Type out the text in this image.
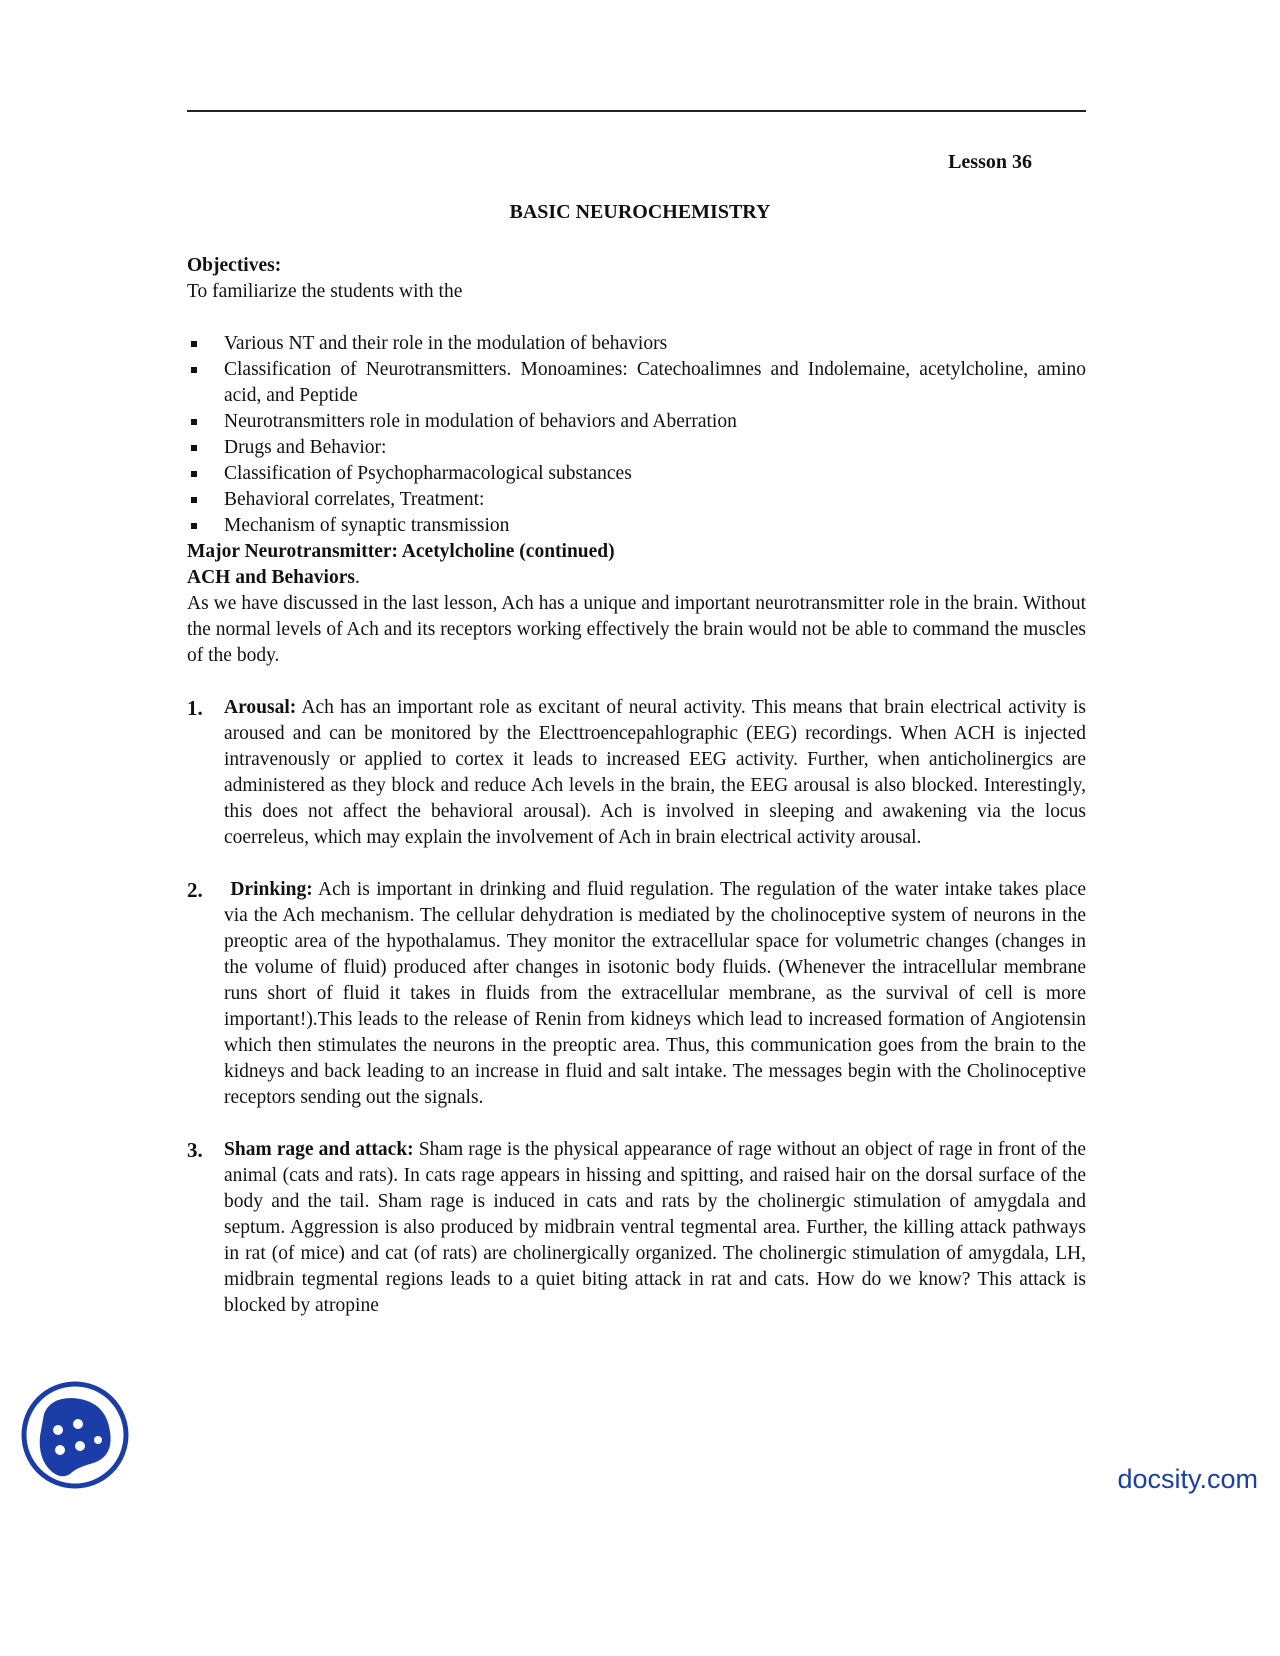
Lesson 36
BASIC NEUROCHEMISTRY

Objectives:

To familiarize the students with the

Various NT and their role in the modulation of behaviors
Classification of Neurotransmitters. Monoamines: Catechoalimnes and Indolemaine, acetylcholine, amino acid, and Peptide
Neurotransmitters role in modulation of behaviors and Aberration
Drugs and Behavior:
Classification of Psychopharmacological substances
Behavioral correlates, Treatment:
Mechanism of synaptic transmission

Major Neurotransmitter: Acetylcholine (continued)

ACH and Behaviors.

As we have discussed in the last lesson, Ach has a unique and important neurotransmitter role in the brain. Without the normal levels of Ach and its receptors working effectively the brain would not be able to command the muscles of the body.

1. Arousal: Ach has an important role as excitant of neural activity. This means that brain electrical activity is aroused and can be monitored by the Electtroencepahlographic (EEG) recordings. When ACH is injected intravenously or applied to cortex it leads to increased EEG activity. Further, when anticholinergics are administered as they block and reduce Ach levels in the brain, the EEG arousal is also blocked. Interestingly, this does not affect the behavioral arousal). Ach is involved in sleeping and awakening via the locus coerreleus, which may explain the involvement of Ach in brain electrical activity arousal.
2. Drinking: Ach is important in drinking and fluid regulation. The regulation of the water intake takes place via the Ach mechanism. The cellular dehydration is mediated by the cholinoceptive system of neurons in the preoptic area of the hypothalamus. They monitor the extracellular space for volumetric changes (changes in the volume of fluid) produced after changes in isotonic body fluids. (Whenever the intracellular membrane runs short of fluid it takes in fluids from the extracellular membrane, as the survival of cell is more important!).This leads to the release of Renin from kidneys which lead to increased formation of Angiotensin which then stimulates the neurons in the preoptic area. Thus, this communication goes from the brain to the kidneys and back leading to an increase in fluid and salt intake. The messages begin with the Cholinoceptive receptors sending out the signals.
3. Sham rage and attack: Sham rage is the physical appearance of rage without an object of rage in front of the animal (cats and rats). In cats rage appears in hissing and spitting, and raised hair on the dorsal surface of the body and the tail. Sham rage is induced in cats and rats by the cholinergic stimulation of amygdala and septum. Aggression is also produced by midbrain ventral tegmental area. Further, the killing attack pathways in rat (of mice) and cat (of rats) are cholinergically organized. The cholinergic stimulation of amygdala, LH, midbrain tegmental regions leads to a quiet biting attack in rat and cats. How do we know? This attack is blocked by atropine
docsity.com
